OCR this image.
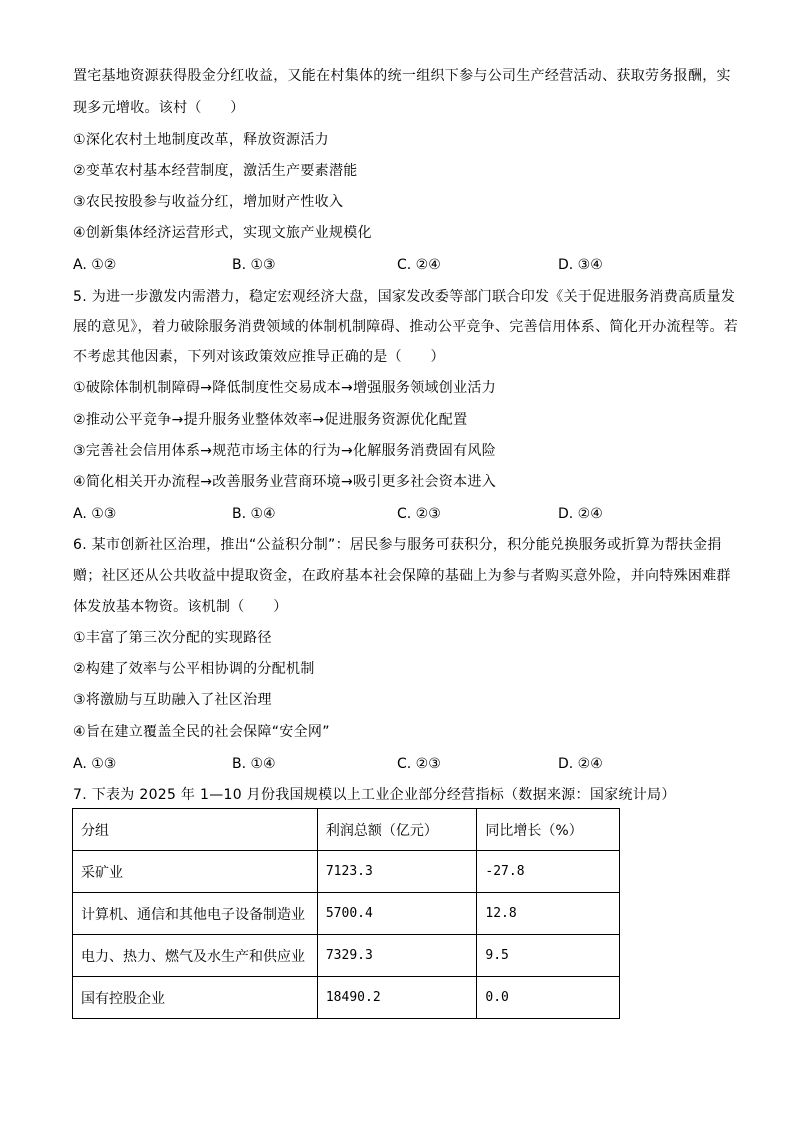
置宅基地资源获得股金分红收益，又能在村集体的统一组织下参与公司生产经营活动、获取劳务报酬，实
现多元增收。该村（　　）
①深化农村土地制度改革，释放资源活力
②变革农村基本经营制度，激活生产要素潜能
③农民按股参与收益分红，增加财产性收入
④创新集体经济运营形式，实现文旅产业规模化
A. ①②	B. ①③	C. ②④	D. ③④
5. 为进一步激发内需潜力，稳定宏观经济大盘，国家发改委等部门联合印发《关于促进服务消费高质量发
展的意见》，着力破除服务消费领域的体制机制障碍、推动公平竞争、完善信用体系、简化开办流程等。若
不考虑其他因素，下列对该政策效应推导正确的是（　　）
①破除体制机制障碍→降低制度性交易成本→增强服务领域创业活力
②推动公平竞争→提升服务业整体效率→促进服务资源优化配置
③完善社会信用体系→规范市场主体的行为→化解服务消费固有风险
④简化相关开办流程→改善服务业营商环境→吸引更多社会资本进入
A. ①③	B. ①④	C. ②③	D. ②④
6. 某市创新社区治理，推出“公益积分制”：居民参与服务可获积分，积分能兑换服务或折算为帮扶金捐
赠；社区还从公共收益中提取资金，在政府基本社会保障的基础上为参与者购买意外险，并向特殊困难群
体发放基本物资。该机制（　　）
①丰富了第三次分配的实现路径
②构建了效率与公平相协调的分配机制
③将激励与互助融入了社区治理
④旨在建立覆盖全民的社会保障“安全网”
A. ①③	B. ①④	C. ②③	D. ②④
7. 下表为 2025 年 1—10 月份我国规模以上工业企业部分经营指标（数据来源：国家统计局）
分组	利润总额（亿元）	同比增长（%）
采矿业	7123.3	-27.8
计算机、通信和其他电子设备制造业	5700.4	12.8
电力、热力、燃气及水生产和供应业	7329.3	9.5
国有控股企业	18490.2	0.0
